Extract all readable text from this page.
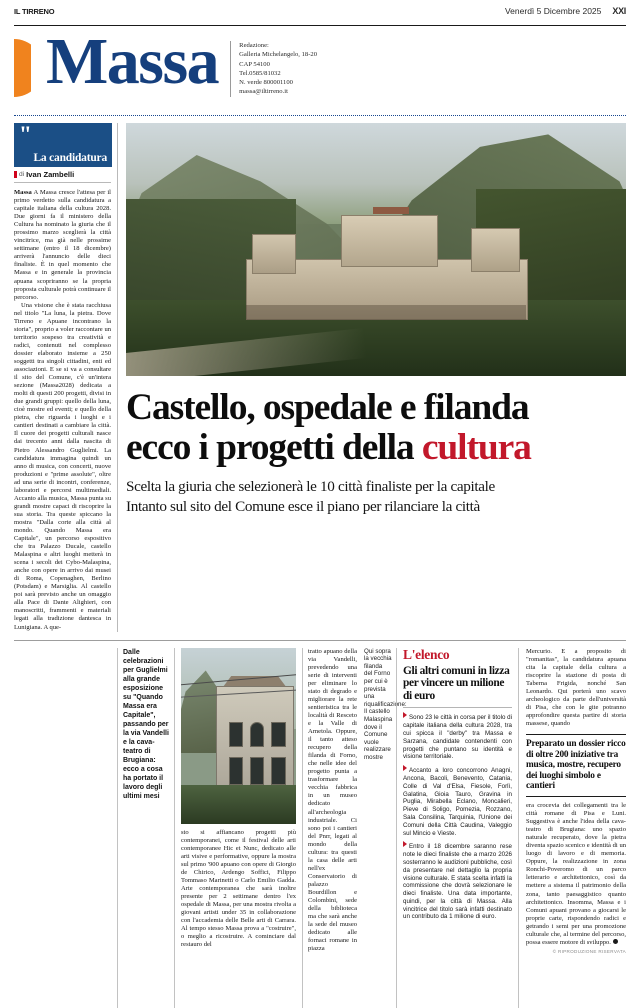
IL TIRRENO	Venerdì 5 Dicembre 2025 XXI
Massa	Redazione:
Galleria Michelangelo, 18-20
CAP 54100
Tel.0585/81032
N. verde 800001100
massa@iltirreno.it
"
La candidatura
di Ivan Zambelli
Massa A Massa cresce l'attesa per il primo verdetto sulla candidatura a capitale italiana della cultura 2028. Due giorni fa il ministero della Cultura ha nominato la giuria che il prossimo marzo sceglierà la città vincitrice, ma già nelle prossime settimane (entro il 18 dicembre) arriverà l'annuncio delle dieci finaliste. È in quel momento che Massa e in generale la provincia apuana scopriranno se la propria proposta culturale potrà continuare il percorso.
Una visione che è stata racchiusa nel titolo "La luna, la pietra. Dove Tirreno e Apuane incontrano la storia", proprio a voler raccontare un territorio sospeso tra creatività e radici, contenuti nel complesso dossier elaborato insieme a 250 soggetti tra singoli cittadini, enti ed associazioni. E se si va a consultare il sito del Comune, c'è un'intera sezione (Massa2028) dedicata a molti di questi 200 progetti, divisi in due grandi gruppi: quello della luna, cioè mostre ed eventi; e quello della pietra, che riguarda i luoghi e i cantieri destinati a cambiare la città. Il cuore dei progetti culturali nasce dai trecento anni dalla nascita di Pietro Alessandro Guglielmi. La candidatura immagina quindi un anno di musica, con concerti, nuove produzioni e "prime assolute", oltre ad una serie di incontri, conferenze, laboratori e percorsi multimediali. Accanto alla musica, Massa punta su grandi mostre capaci di riscoprire la sua storia. Tra queste spiccano la mostra "Dalla corte alla città al mondo. Quando Massa era Capitale", un percorso espositivo che tra Palazzo Ducale, castello Malaspina e altri luoghi metterà in scena i secoli dei Cybo-Malaspina, anche con opere in arrivo dai musei di Roma, Copenaghen, Berlino (Potsdam) e Marsiglia. Al castello poi sarà previsto anche un omaggio alla Pace di Dante Alighieri, con manoscritti, frammenti e materiali legati alla tradizione dantesca in Lunigiana. A que-
Castello, ospedale e filanda
ecco i progetti della cultura
Scelta la giuria che selezionerà le 10 città finaliste per la capitale
Intanto sul sito del Comune esce il piano per rilanciare la città

Dalle celebrazioni per Guglielmi alla grande esposizione su "Quando Massa era Capitale", passando per la via Vandelli e la cava-teatro di Brugiana: ecco a cosa ha portato il lavoro degli ultimi mesi
sto si affiancano progetti più contemporanei, come il festival delle arti contemporanee Hic et Nunc, dedicato alle arti visive e performative, oppure la mostra sul primo '900 apuano con opere di Giorgio de Chirico, Ardengo Soffici, Filippo Tommaso Marinetti o Carlo Emilio Gadda. Arte contemporanea che sarà inoltre presente per 2 settimane dentro l'ex ospedale di Massa, per una mostra rivolta a giovani artisti under 35 in collaborazione con l'accademia delle Belle arti di Carrara. Al tempo stesso Massa prova a "costruire", o meglio a ricostruire. A cominciare dal restauro del
tratto apuano della via Vandelli, prevedendo una serie di interventi per eliminare lo stato di degrado e migliorare la rete sentieristica tra le località di Resceto e la Valle di Arnetola. Oppure, il tanto atteso recupero della filanda di Forno, che nelle idee del progetto punta a trasformare la vecchia fabbrica in un museo dedicato all'archeologia industriale. Ci sono poi i cantieri del Pnrr, legati al mondo della cultura: tra questi la casa delle arti nell'ex Conservatorio di palazzo Bourdillon e Colombini, sede della biblioteca ma che sarà anche la sede del museo dedicato alle fornaci romane in piazza
Qui sopra la vecchia filanda del Forno per cui è prevista una riqualificazione: Il castello Malaspina dove il Comune vuole realizzare mostre
L'elenco
Gli altri comuni in lizza per vincere un milione di euro
Sono 23 le città in corsa per il titolo di capitale italiana della cultura 2028, tra cui spicca il "derby" tra Massa e Sarzana, candidate contendenti con progetti che puntano su identità e visione territoriale.
Accanto a loro concorrono Anagni, Ancona, Bacoli, Benevento, Catania, Colle di Val d'Elsa, Fiesole, Forlì, Galatina, Gioia Tauro, Gravina in Puglia, Mirabella Eclano, Moncalieri, Pieve di Soligo, Pomezia, Rozzano, Sala Consilina, Tarquinia, l'Unione dei Comuni della Città Caudina, Valeggio sul Mincio e Vieste.
Entro il 18 dicembre saranno rese note le dieci finaliste che a marzo 2026 sosterranno le audizioni pubbliche, così da presentare nel dettaglio la propria visione culturale. E stata scelta infatti la commissione che dovrà selezionare le dieci finaliste. Una data importante, quindi, per la città di Massa. Alla vincitrice del titolo sarà infatti destinato un contributo da 1 milione di euro.
Mercurio. E a proposito di "romanitas", la candidatura apuana cita la capitale della cultura a riscoprire la stazione di posta di Taberna Frigida, nonché San Leonardo. Qui porterà uno scavo archeologico da parte dell'università di Pisa, che con le gite potranno approfondire questa partire di storia massese, quando
Preparato un dossier ricco di oltre 200 iniziative tra musica, mostre, recupero dei luoghi simbolo e cantieri
era crocevia dei collegamenti tra le città romane di Pisa e Luni. Suggestiva è anche l'idea della cava-teatro di Brugiana: uno spazio naturale recuperato, dove la pietra diventa spazio scenico e identità di un luogo di lavoro e di memoria. Oppure, la realizzazione in zona Ronchi-Poveromo di un parco letterario e architettonico, così da mettere a sistema il patrimonio della zona, tanto paesaggistico quanto architettonico. Insomma, Massa e i Comuni apuani provano a giocarsi le proprie carte, rispondendo radici e getrando i semi per una promozione culturale che, al termine del percorso, possa essere motore di sviluppo.
© RIPRODUZIONE RISERVATA
